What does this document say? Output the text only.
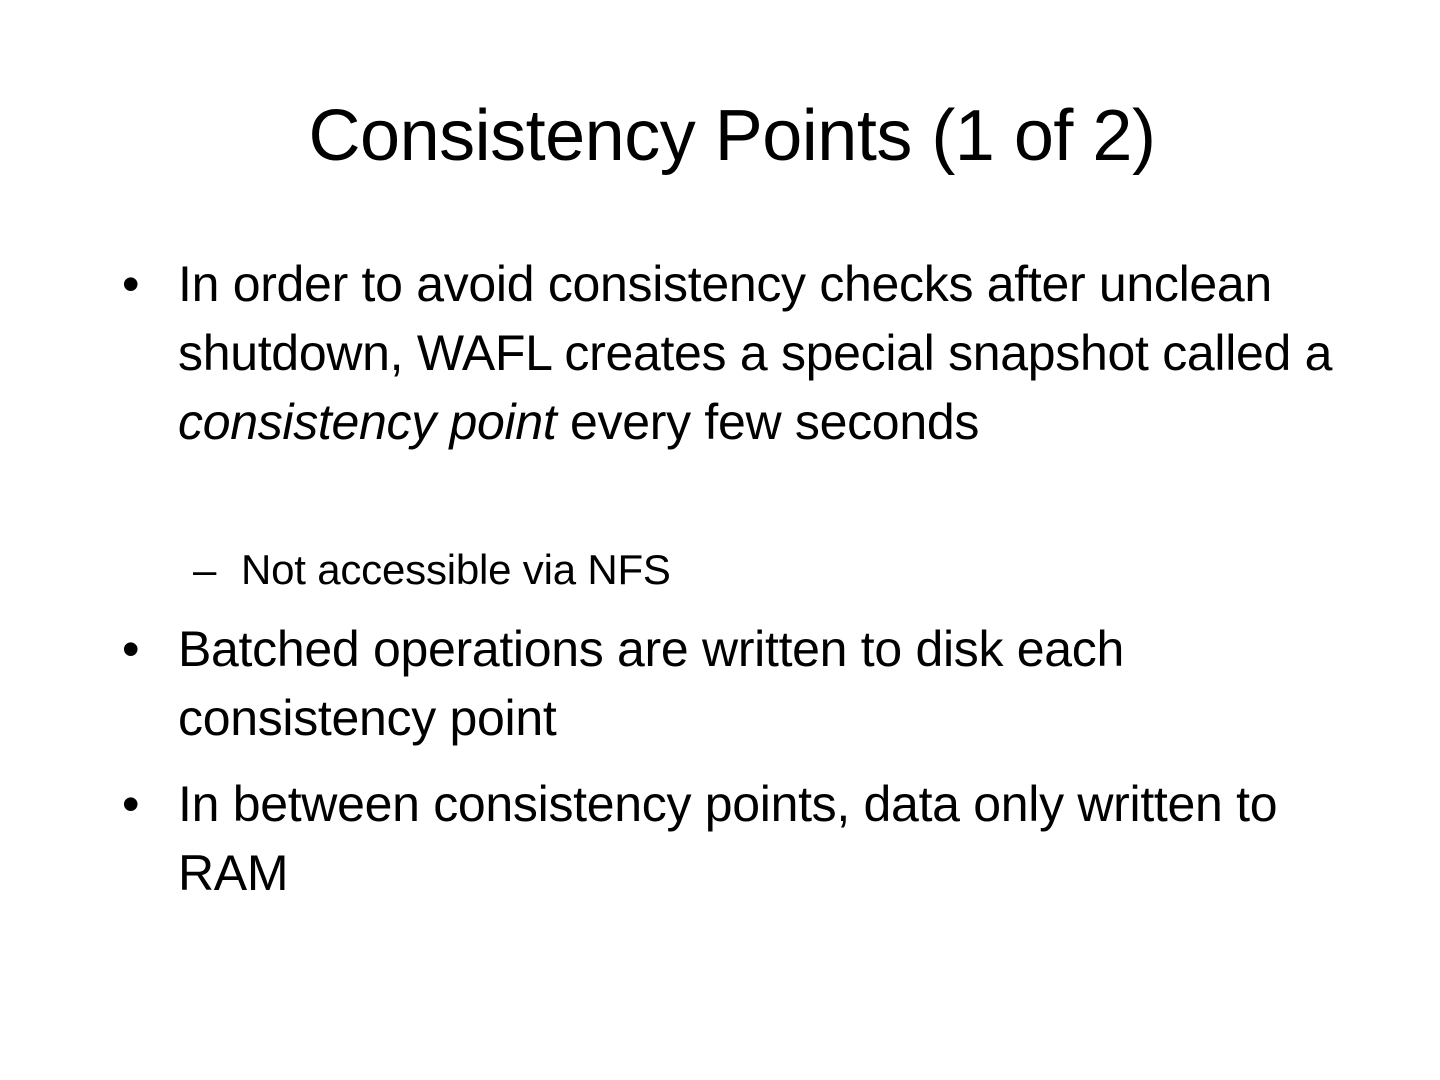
Consistency Points (1 of 2)
• In order to avoid consistency checks after unclean shutdown, WAFL creates a special snapshot called a consistency point every few seconds
– Not accessible via NFS
• Batched operations are written to disk each consistency point
• In between consistency points, data only written to RAM
